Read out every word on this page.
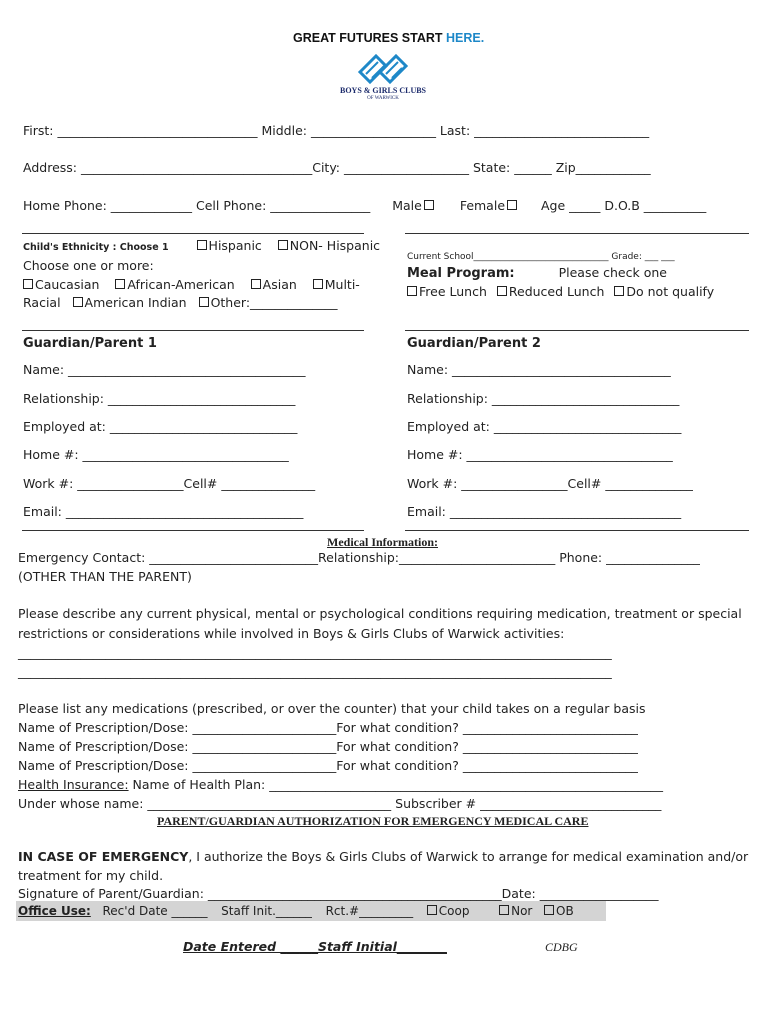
GREAT FUTURES START HERE.
BOYS & GIRLS CLUBS
OF WARWICK
First: ________________________________ Middle: ____________________ Last: ____________________________
Address: _____________________________________City: ____________________ State: ______ Zip____________
Home Phone: _____________ Cell Phone: ________________ Male	Female	Age _____ D.O.B __________
Child's Ethnicity : Choose 1	Hispanic NON- Hispanic
Choose one or more:
Caucasian African-American Asian Multi-
Racial American Indian Other:______________
Current School______________________________ Grade: ___ ___
Meal Program:	Please check one
Free Lunch Reduced Lunch Do not qualify
Guardian/Parent 1
Name: ______________________________________
Relationship: ______________________________
Employed at: ______________________________
Home #: _________________________________
Work #: _________________Cell# _______________
Email: ______________________________________
Guardian/Parent 2
Name: ___________________________________
Relationship: ______________________________
Employed at: ______________________________
Home #: _________________________________
Work #: _________________Cell# ______________
Email: _____________________________________
Medical Information:
Emergency Contact: ___________________________Relationship:_________________________ Phone: _______________
(OTHER THAN THE PARENT)
Please describe any current physical, mental or psychological conditions requiring medication, treatment or special
restrictions or considerations while involved in Boys & Girls Clubs of Warwick activities:
_______________________________________________________________________________________________
_______________________________________________________________________________________________
Please list any medications (prescribed, or over the counter) that your child takes on a regular basis
Name of Prescription/Dose: _______________________For what condition? ____________________________
Name of Prescription/Dose: _______________________For what condition? ____________________________
Name of Prescription/Dose: _______________________For what condition? ____________________________
Health Insurance: Name of Health Plan: _______________________________________________________________
Under whose name: _______________________________________ Subscriber # _____________________________
PARENT/GUARDIAN AUTHORIZATION FOR EMERGENCY MEDICAL CARE
IN CASE OF EMERGENCY, I authorize the Boys & Girls Clubs of Warwick to arrange for medical examination and/or
treatment for my child.
Signature of Parent/Guardian: _______________________________________________Date: ___________________
Office Use: Rec'd Date ______ Staff Init.______ Rct.#_________ Coop	Nor OB
Date Entered ______Staff Initial________	CDBG
